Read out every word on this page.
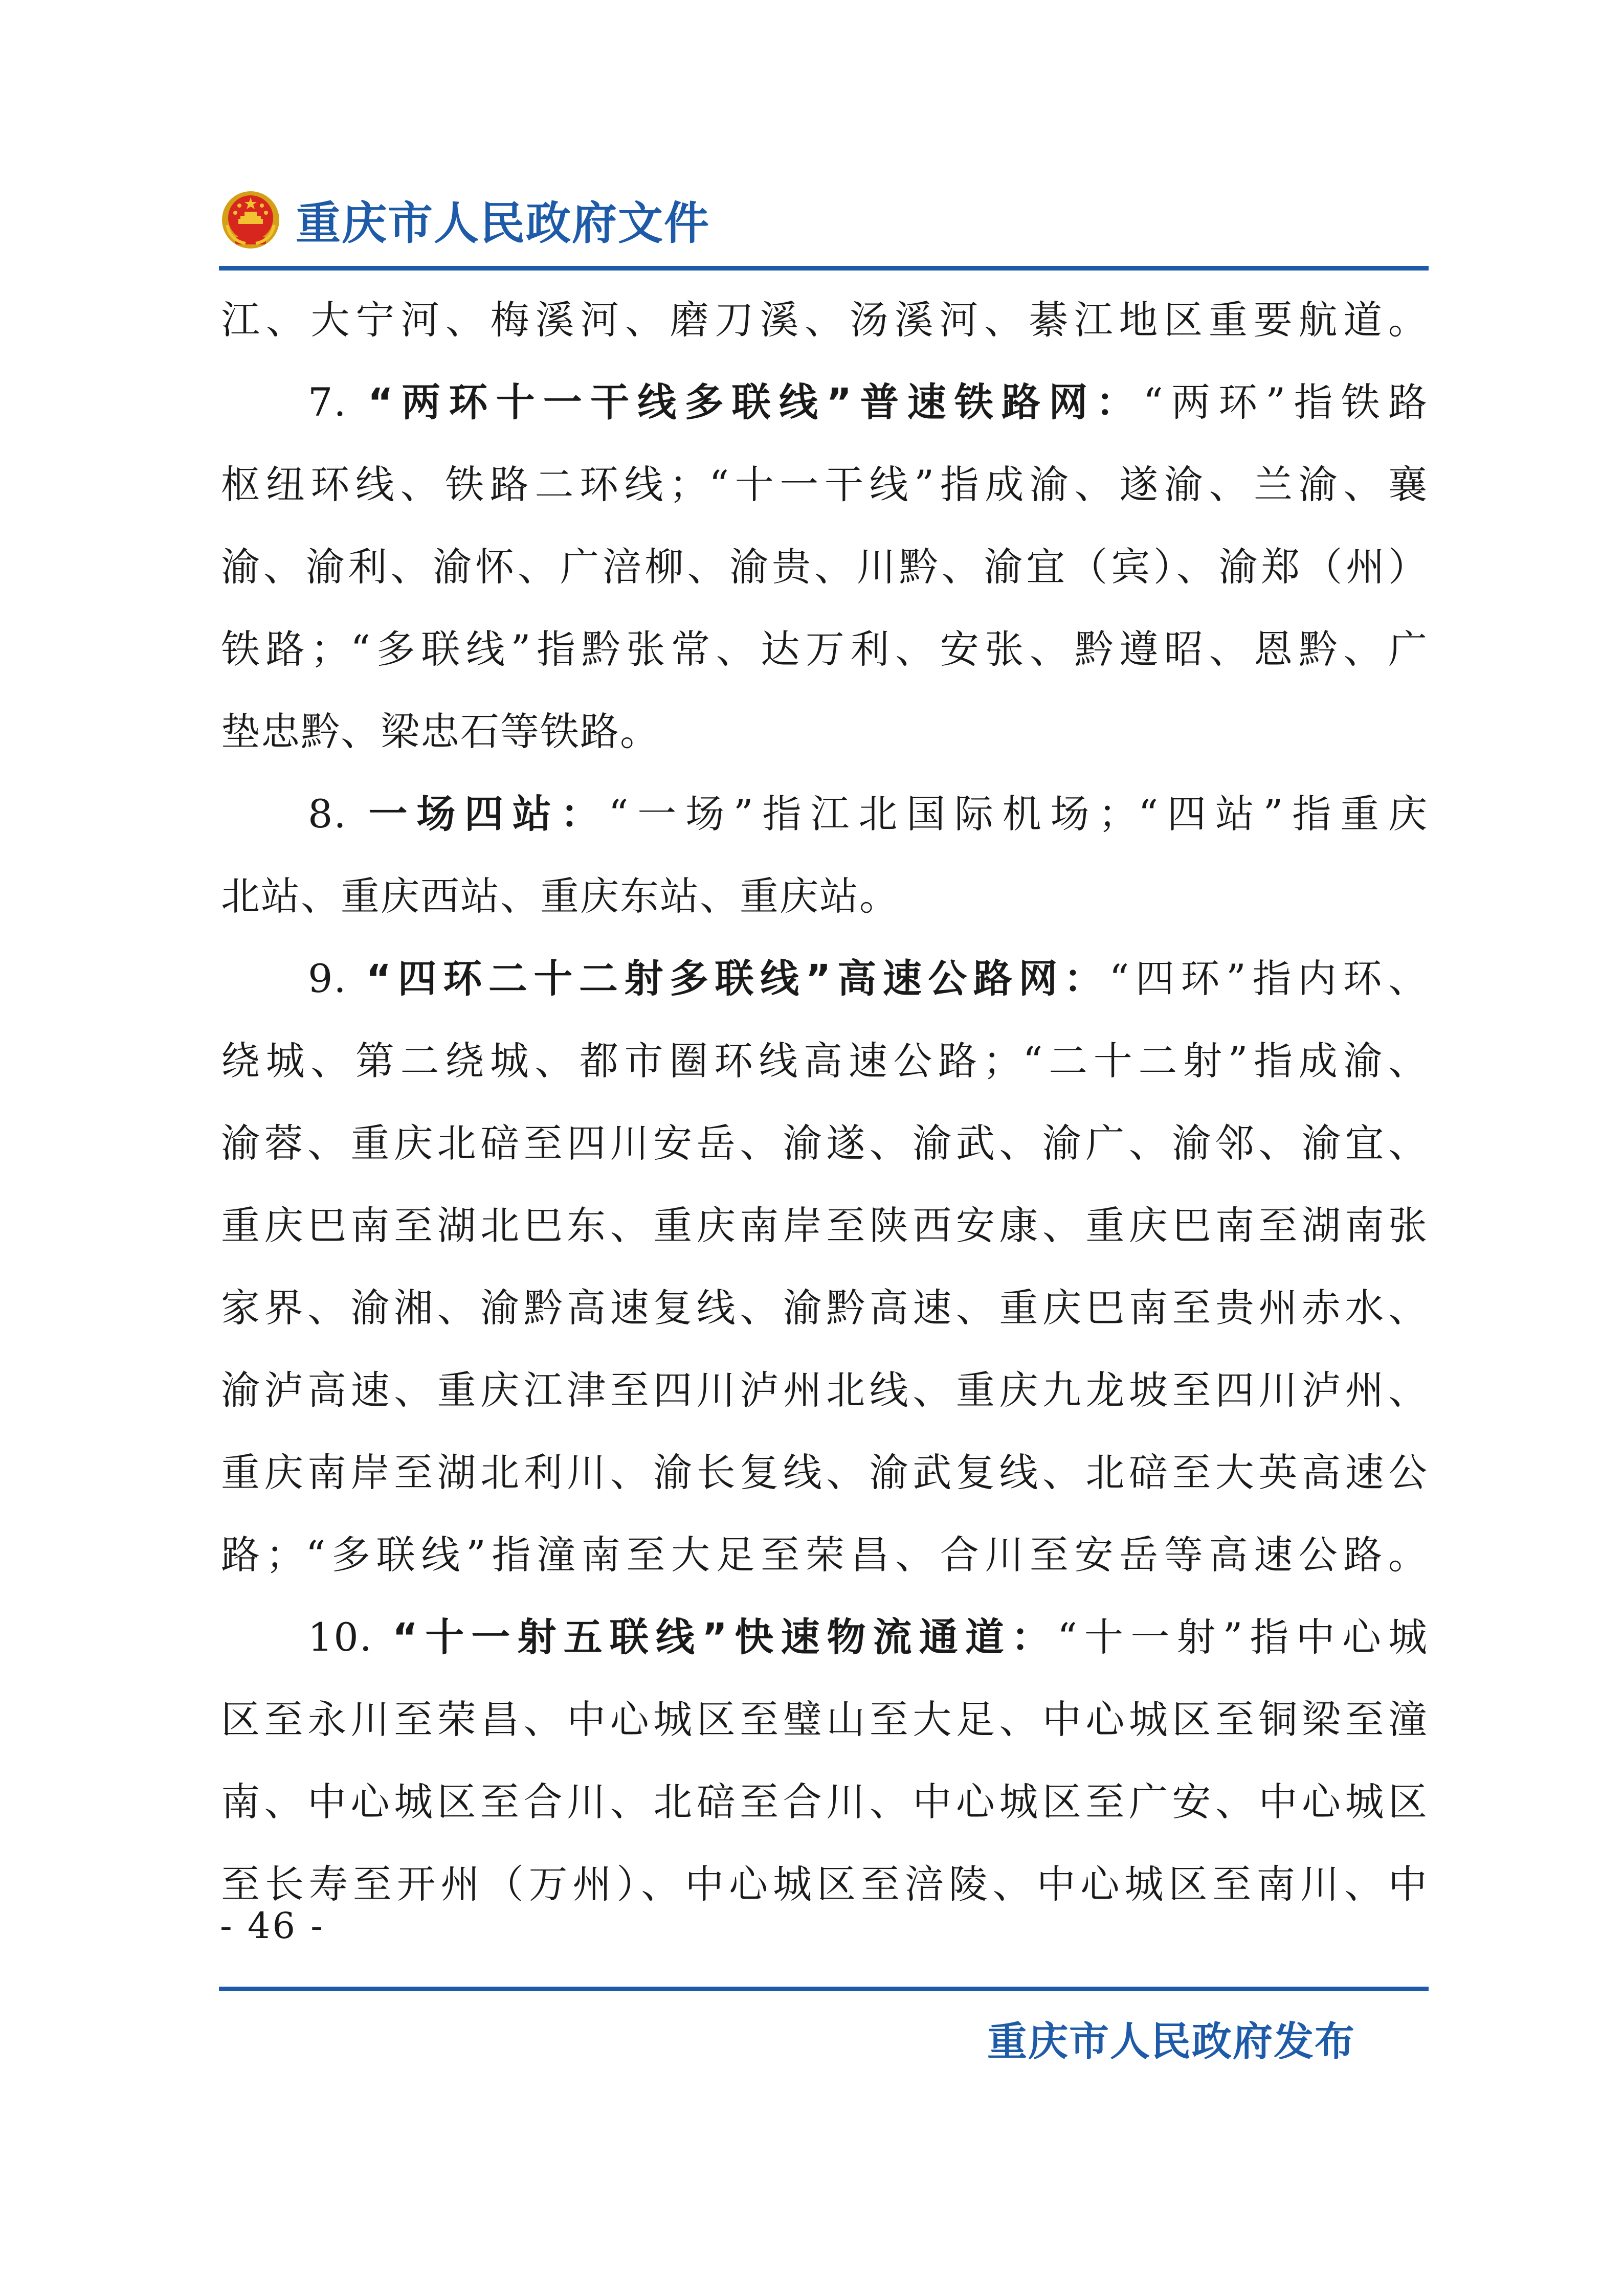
重庆市人民政府文件
江、大宁河、梅溪河、磨刀溪、汤溪河、綦江地区重要航道。
7. “两环十一干线多联线”普速铁路网：“两环”指铁路
枢纽环线、铁路二环线；“十一干线”指成渝、遂渝、兰渝、襄
渝、渝利、渝怀、广涪柳、渝贵、川黔、渝宜（宾）、渝郑（州）
铁路；“多联线”指黔张常、达万利、安张、黔遵昭、恩黔、广
垫忠黔、梁忠石等铁路。
8. 一场四站：“一场”指江北国际机场；“四站”指重庆
北站、重庆西站、重庆东站、重庆站。
9. “四环二十二射多联线”高速公路网：“四环”指内环、
绕城、第二绕城、都市圈环线高速公路；“二十二射”指成渝、
渝蓉、重庆北碚至四川安岳、渝遂、渝武、渝广、渝邻、渝宜、
重庆巴南至湖北巴东、重庆南岸至陕西安康、重庆巴南至湖南张
家界、渝湘、渝黔高速复线、渝黔高速、重庆巴南至贵州赤水、
渝泸高速、重庆江津至四川泸州北线、重庆九龙坡至四川泸州、
重庆南岸至湖北利川、渝长复线、渝武复线、北碚至大英高速公
路；“多联线”指潼南至大足至荣昌、合川至安岳等高速公路。
10. “十一射五联线”快速物流通道：“十一射”指中心城
区至永川至荣昌、中心城区至璧山至大足、中心城区至铜梁至潼
南、中心城区至合川、北碚至合川、中心城区至广安、中心城区
至长寿至开州（万州）、中心城区至涪陵、中心城区至南川、中
- 46 -
重庆市人民政府发布
